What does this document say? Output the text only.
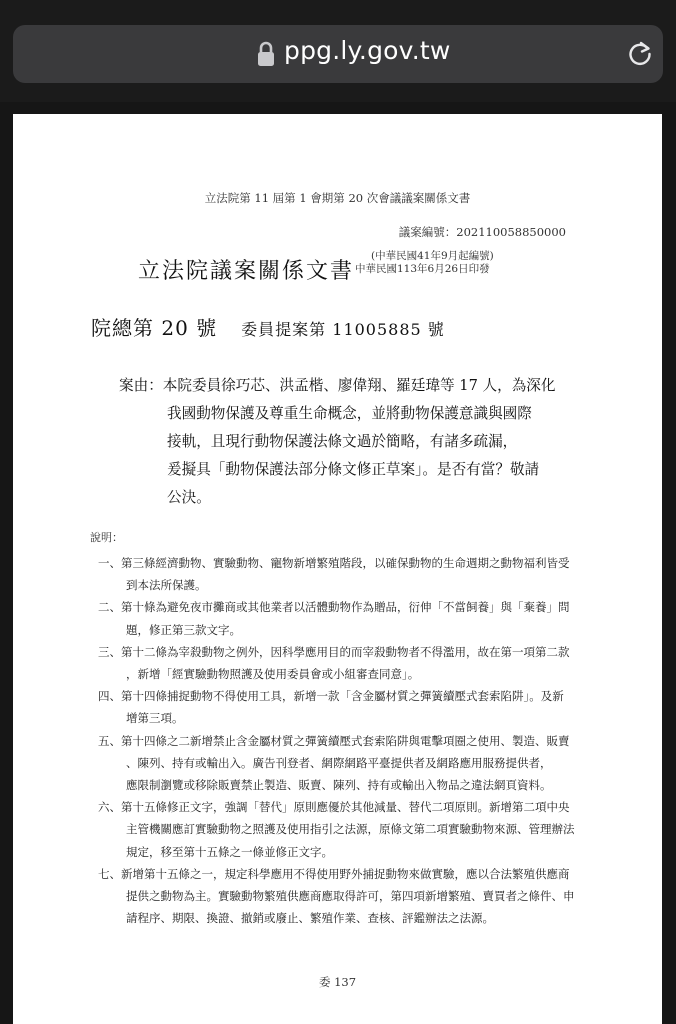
ppg.ly.gov.tw
立法院第 11 屆第 1 會期第 20 次會議議案關係文書
議案編號：202110058850000
立法院議案關係文書
(中華民國41年9月起編號)
中華民國113年6月26日印發
院總第 20 號 委員提案第 11005885 號
案由：本院委員徐巧芯、洪孟楷、廖偉翔、羅廷瑋等 17 人，為深化
我國動物保護及尊重生命概念，並將動物保護意識與國際
接軌，且現行動物保護法條文過於簡略，有諸多疏漏，
爰擬具「動物保護法部分條文修正草案」。是否有當？敬請
公決。
說明：
一、第三條經濟動物、實驗動物、寵物新增繁殖階段，以確保動物的生命週期之動物福利皆受
到本法所保護。
二、第十條為避免夜市攤商或其他業者以活體動物作為贈品，衍伸「不當飼養」與「棄養」問
題，修正第三款文字。
三、第十二條為宰殺動物之例外，因科學應用目的而宰殺動物者不得濫用，故在第一項第二款
，新增「經實驗動物照護及使用委員會或小組審查同意」。
四、第十四條捕捉動物不得使用工具，新增一款「含金屬材質之彈簧續壓式套索陷阱」。及新
增第三項。
五、第十四條之二新增禁止含金屬材質之彈簧續壓式套索陷阱與電擊項圈之使用、製造、販賣
、陳列、持有或輸出入。廣告刊登者、網際網路平臺提供者及網路應用服務提供者，
應限制瀏覽或移除販賣禁止製造、販賣、陳列、持有或輸出入物品之違法網頁資料。
六、第十五條修正文字，強調「替代」原則應優於其他減量、替代二項原則。新增第二項中央
主管機關應訂實驗動物之照護及使用指引之法源，原條文第二項實驗動物來源、管理辦法
規定，移至第十五條之一條並修正文字。
七、新增第十五條之一，規定科學應用不得使用野外捕捉動物來做實驗，應以合法繁殖供應商
提供之動物為主。實驗動物繁殖供應商應取得許可，第四項新增繁殖、賣買者之條件、申
請程序、期限、換證、撤銷或廢止、繁殖作業、查核、評鑑辦法之法源。
委 137
